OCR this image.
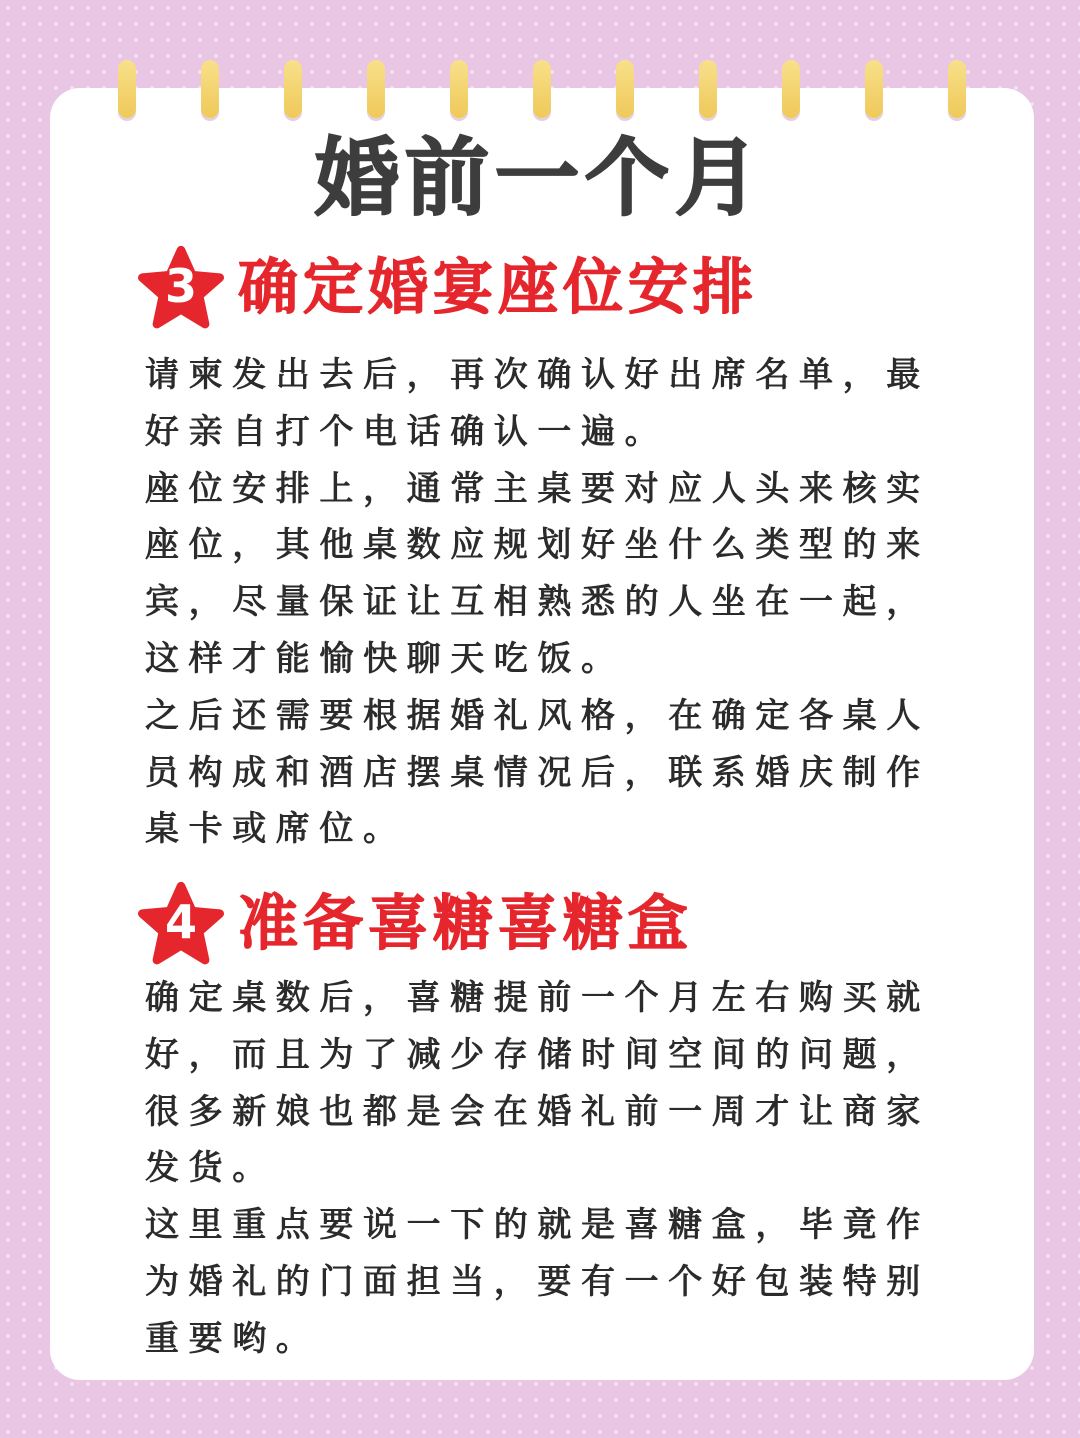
婚前一个月
3 确定婚宴座位安排

请柬发出去后，再次确认好出席名单，最好亲自打个电话确认一遍。

座位安排上，通常主桌要对应人头来核实座位，其他桌数应规划好坐什么类型的来宾，尽量保证让互相熟悉的人坐在一起，这样才能愉快聊天吃饭。

之后还需要根据婚礼风格，在确定各桌人员构成和酒店摆桌情况后，联系婚庆制作桌卡或席位。

4 准备喜糖喜糖盒

确定桌数后，喜糖提前一个月左右购买就好，而且为了减少存储时间空间的问题，很多新娘也都是会在婚礼前一周才让商家发货。

这里重点要说一下的就是喜糖盒，毕竟作为婚礼的门面担当，要有一个好包装特别重要哟。
